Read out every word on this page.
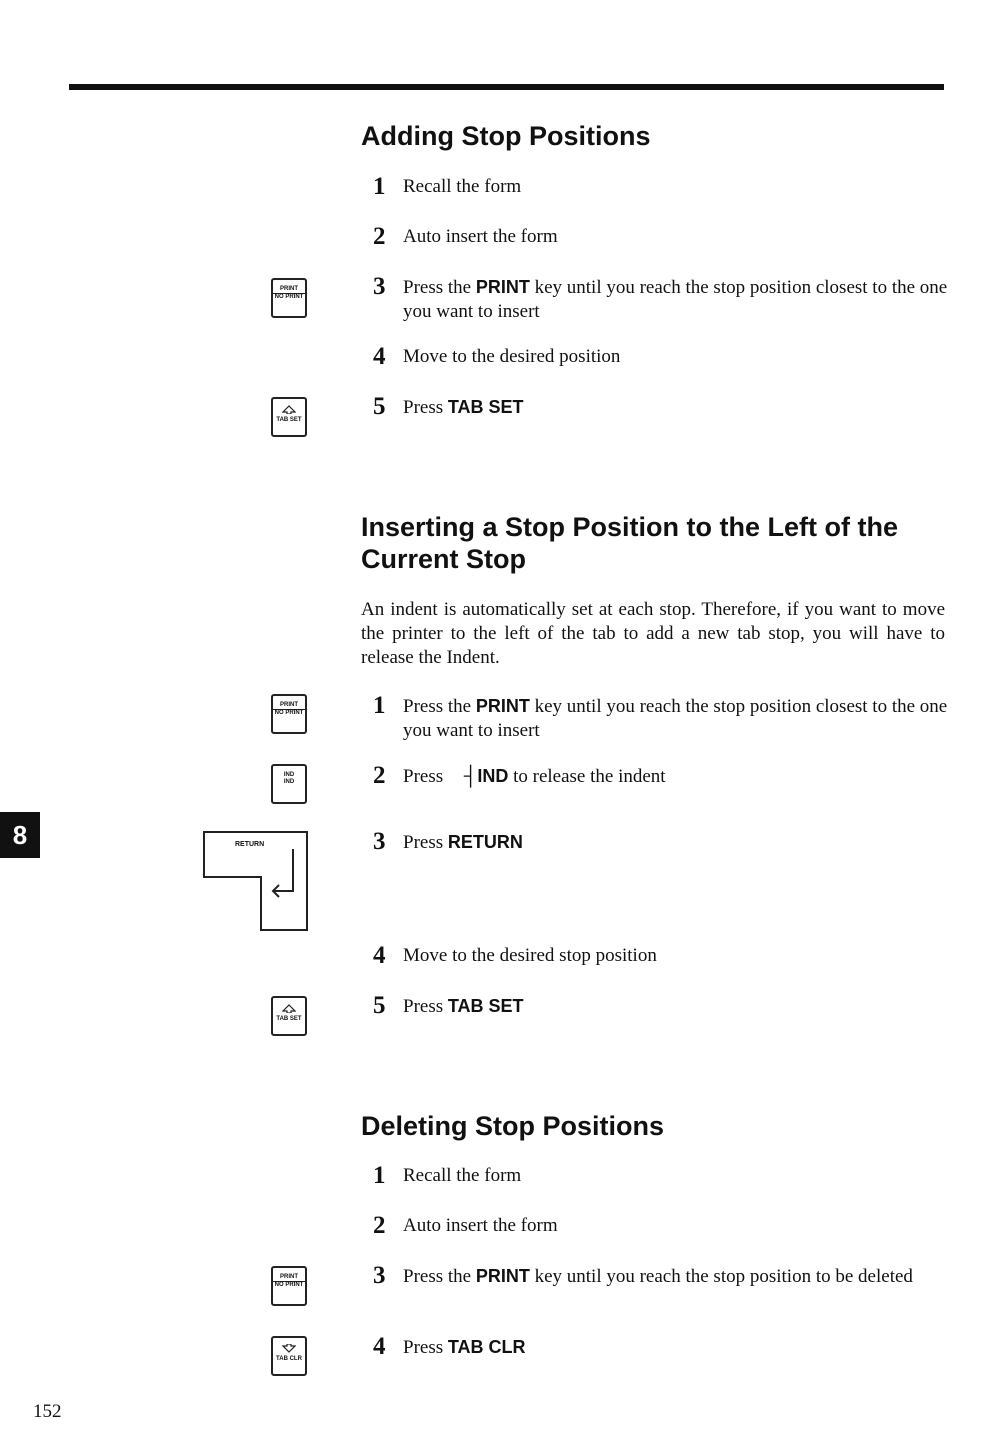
8
152
Adding Stop Positions
1 Recall the form
2 Auto insert the form
3 Press the PRINT key until you reach the stop position closest to the one you want to insert
4 Move to the desired position
5 Press TAB SET
PRINT
NO PRINT
TAB SET
Inserting a Stop Position to the Left of the Current Stop

An indent is automatically set at each stop. Therefore, if you want to move the printer to the left of the tab to add a new tab stop, you will have to release the Indent.

1 Press the PRINT key until you reach the stop position closest to the one you want to insert
2 Press ┤IND to release the indent
3 Press RETURN
4 Move to the desired stop position
5 Press TAB SET
PRINT
NO PRINT
IND
IND
RETURN
TAB SET
Deleting Stop Positions
1 Recall the form
2 Auto insert the form
3 Press the PRINT key until you reach the stop position to be deleted
4 Press TAB CLR
PRINT
NO PRINT
TAB CLR
